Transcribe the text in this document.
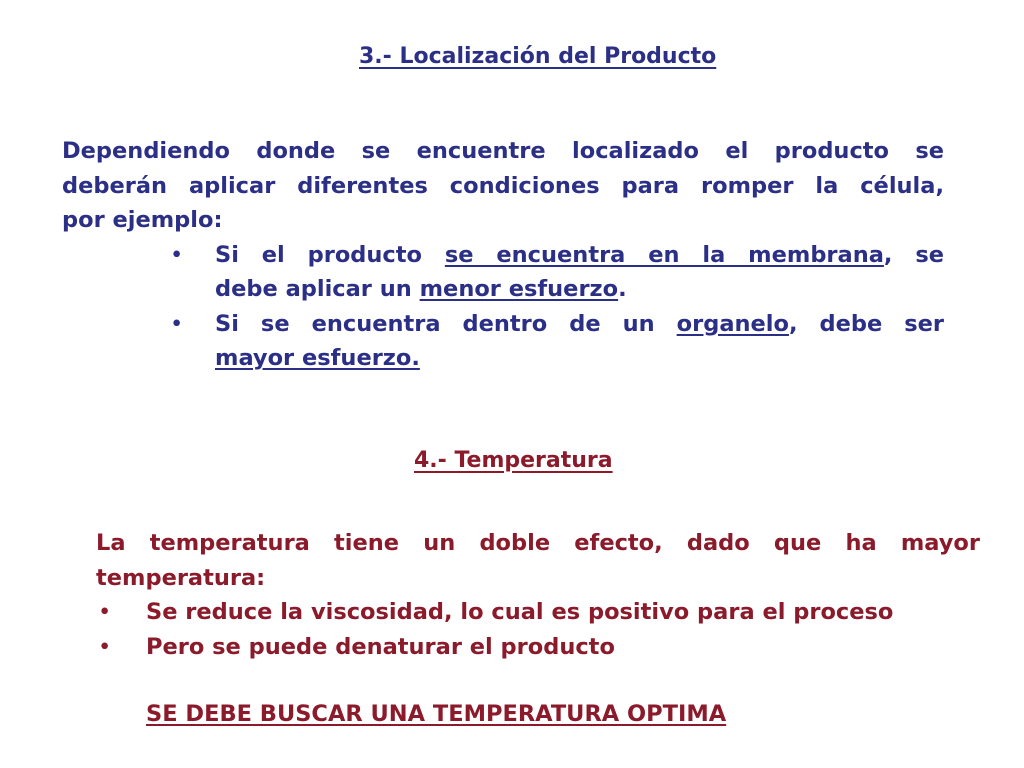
3.- Localización del Producto
Dependiendo donde se encuentre localizado el producto se
deberán aplicar diferentes condiciones para romper la célula,
por ejemplo:
• Si el producto se encuentra en la membrana, se
debe aplicar un menor esfuerzo.
• Si se encuentra dentro de un organelo, debe ser
mayor esfuerzo.
4.- Temperatura
La temperatura tiene un doble efecto, dado que ha mayor
temperatura:
• Se reduce la viscosidad, lo cual es positivo para el proceso
• Pero se puede denaturar el producto
SE DEBE BUSCAR UNA TEMPERATURA OPTIMA
